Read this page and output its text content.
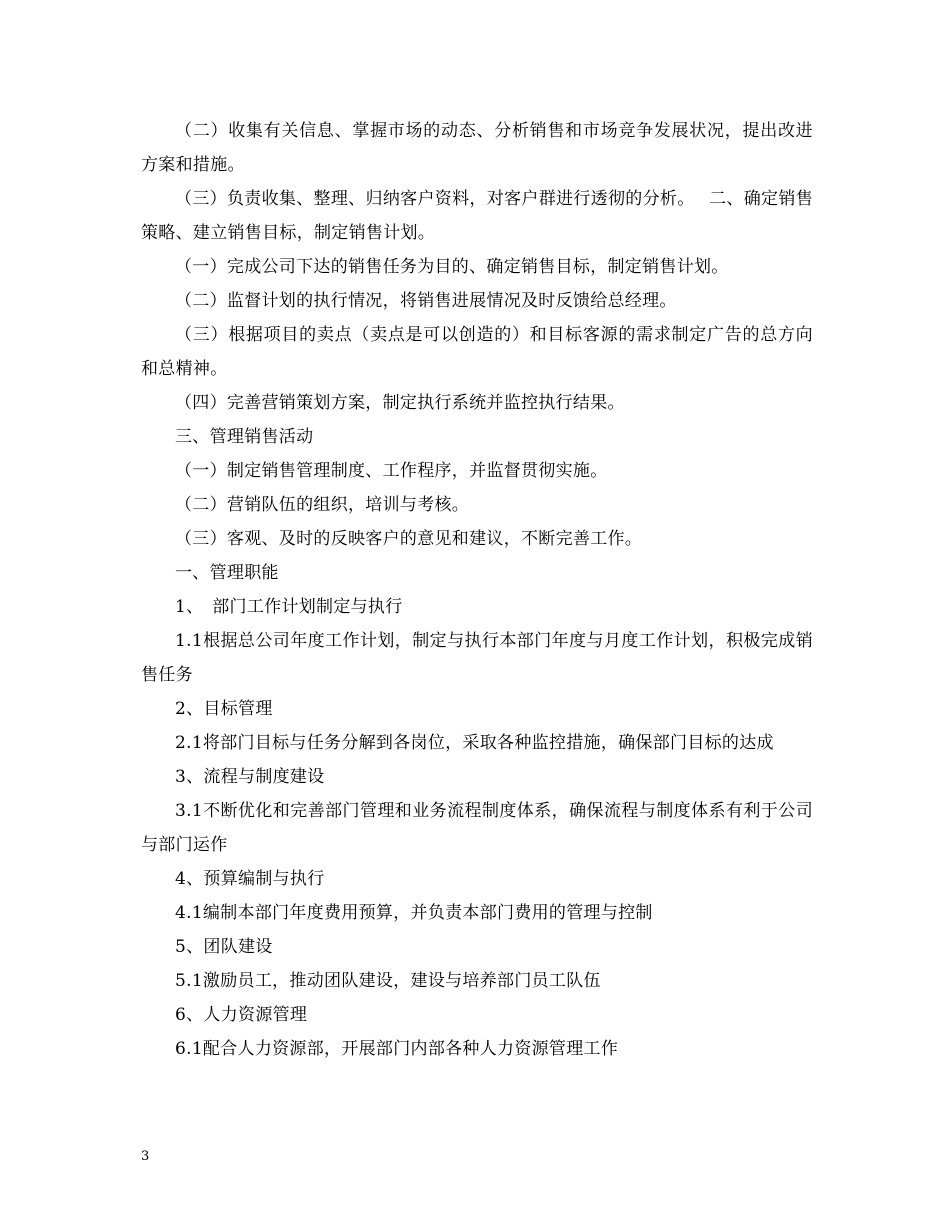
（二）收集有关信息、掌握市场的动态、分析销售和市场竞争发展状况，提出改进方案和措施。

（三）负责收集、整理、归纳客户资料，对客户群进行透彻的分析。　 二、确定销售策略、建立销售目标，制定销售计划。

（一）完成公司下达的销售任务为目的、确定销售目标，制定销售计划。

（二）监督计划的执行情况，将销售进展情况及时反馈给总经理。

（三）根据项目的卖点（卖点是可以创造的）和目标客源的需求制定广告的总方向和总精神。

（四）完善营销策划方案，制定执行系统并监控执行结果。

三、管理销售活动

（一）制定销售管理制度、工作程序，并监督贯彻实施。

（二）营销队伍的组织，培训与考核。

（三）客观、及时的反映客户的意见和建议，不断完善工作。

一、管理职能

1、　部门工作计划制定与执行

1.1根据总公司年度工作计划，制定与执行本部门年度与月度工作计划，积极完成销售任务

2、目标管理

2.1将部门目标与任务分解到各岗位，采取各种监控措施，确保部门目标的达成

3、流程与制度建设

3.1不断优化和完善部门管理和业务流程制度体系，确保流程与制度体系有利于公司与部门运作

4、预算编制与执行

4.1编制本部门年度费用预算，并负责本部门费用的管理与控制

5、团队建设

5.1激励员工，推动团队建设，建设与培养部门员工队伍

6、人力资源管理

6.1配合人力资源部，开展部门内部各种人力资源管理工作

3
